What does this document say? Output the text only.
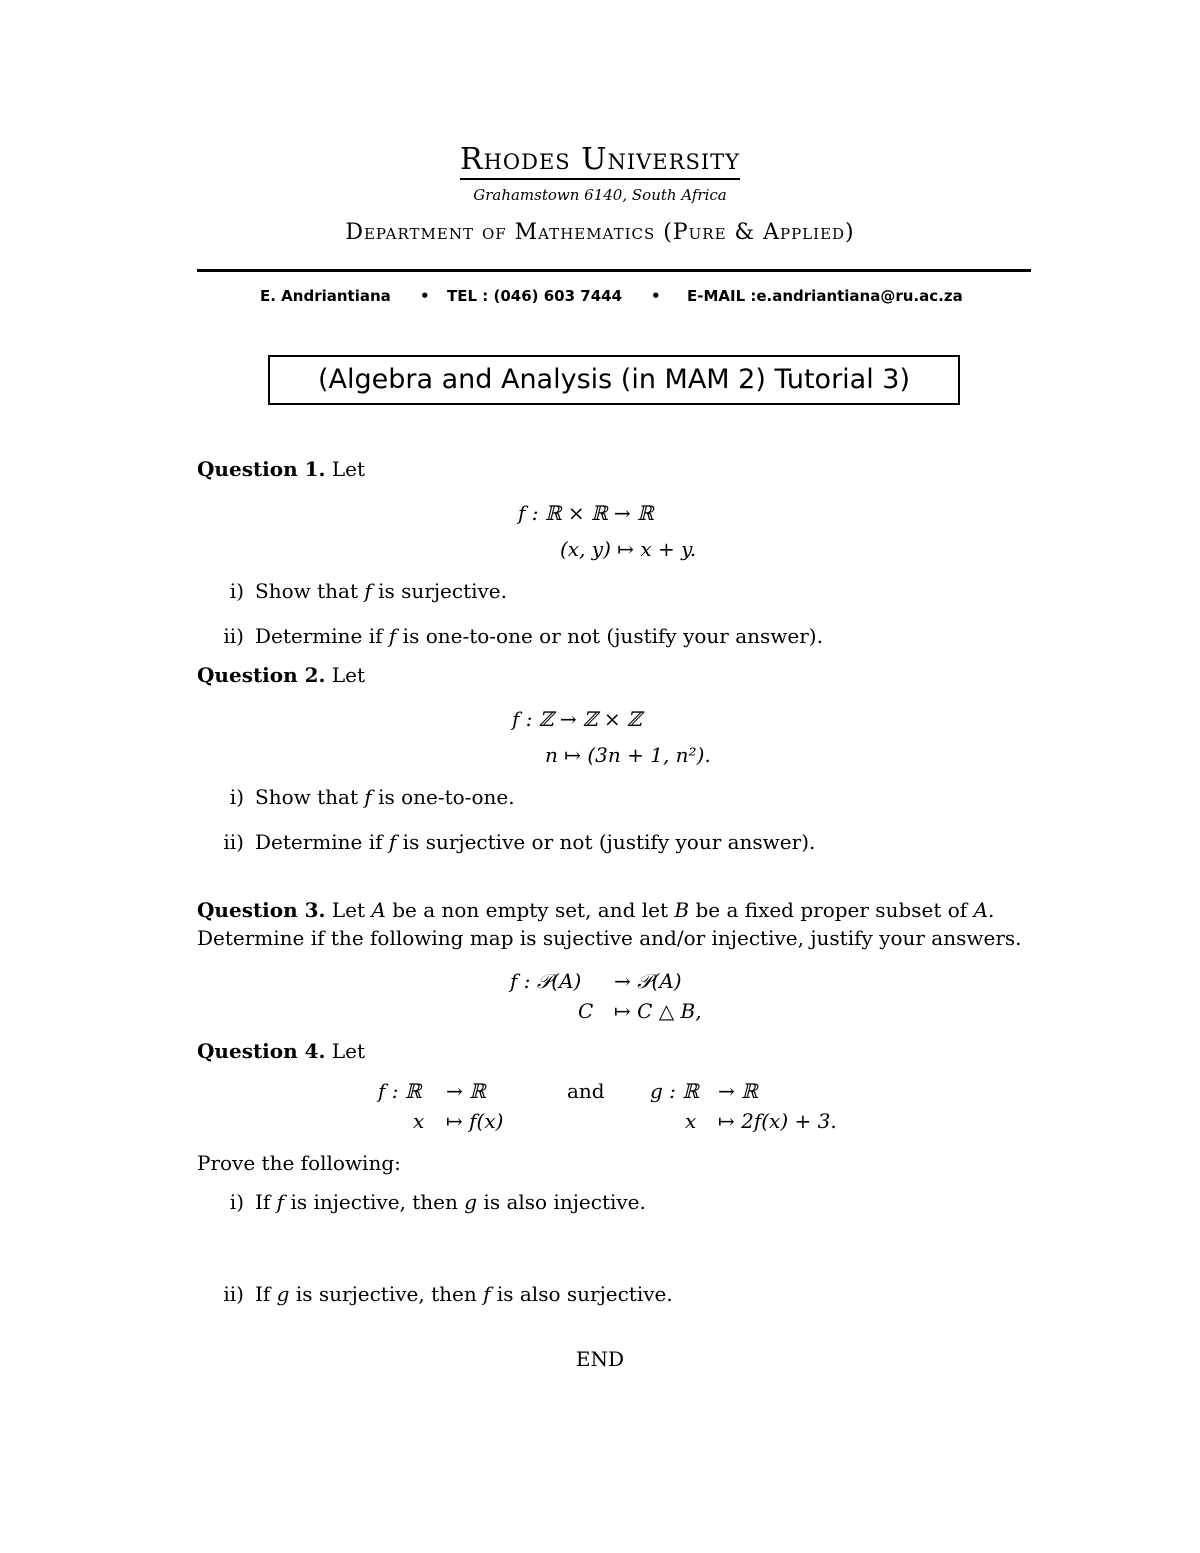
Rhodes University
Grahamstown 6140, South Africa
Department of Mathematics (Pure & Applied)
E. Andriantiana • TEL : (046) 603 7444 • E-MAIL :e.andriantiana@ru.ac.za
(Algebra and Analysis (in MAM 2) Tutorial 3)
Question 1. Let
f : ℝ × ℝ → ℝ
(x, y) ↦ x + y.
i) Show that f is surjective.
ii) Determine if f is one-to-one or not (justify your answer).
Question 2. Let
f : ℤ → ℤ × ℤ
n ↦ (3n + 1, n²).
i) Show that f is one-to-one.
ii) Determine if f is surjective or not (justify your answer).
Question 3. Let A be a non empty set, and let B be a fixed proper subset of A.
Determine if the following map is sujective and/or injective, justify your answers.
f : 𝒫(A) → 𝒫(A)
C ↦ C △ B,
Question 4. Let
f : ℝ → ℝ
x ↦ f(x)
and g : ℝ → ℝ
x ↦ 2f(x) + 3.
Prove the following:
i) If f is injective, then g is also injective.
ii) If g is surjective, then f is also surjective.
END
